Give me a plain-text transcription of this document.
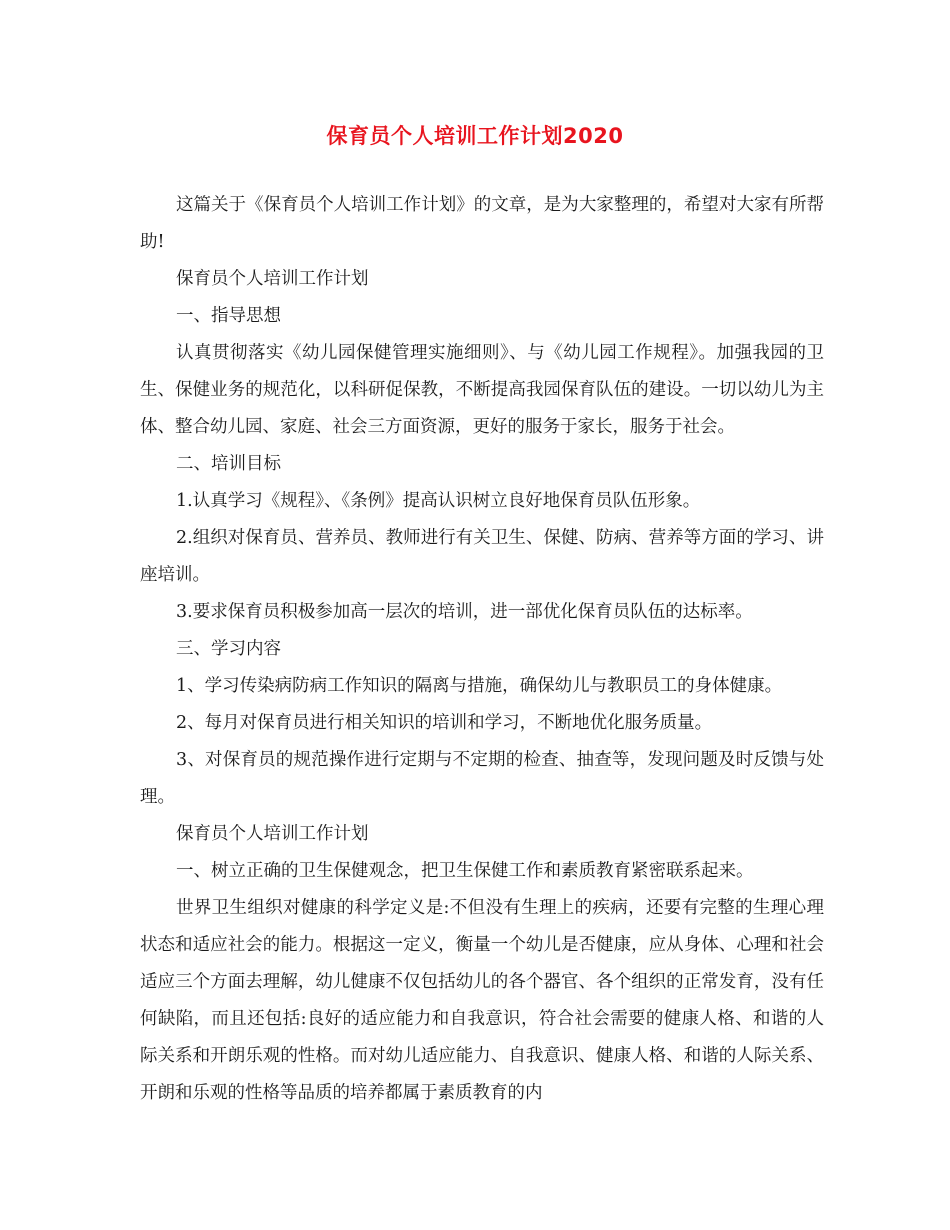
保育员个人培训工作计划2020

这篇关于《保育员个人培训工作计划》的文章，是为大家整理的，希望对大家有所帮助!

保育员个人培训工作计划

一、指导思想

认真贯彻落实《幼儿园保健管理实施细则》、与《幼儿园工作规程》。加强我园的卫生、保健业务的规范化，以科研促保教，不断提高我园保育队伍的建设。一切以幼儿为主体、整合幼儿园、家庭、社会三方面资源，更好的服务于家长，服务于社会。

二、培训目标

1.认真学习《规程》、《条例》提高认识树立良好地保育员队伍形象。

2.组织对保育员、营养员、教师进行有关卫生、保健、防病、营养等方面的学习、讲座培训。

3.要求保育员积极参加高一层次的培训，进一部优化保育员队伍的达标率。

三、学习内容

1、学习传染病防病工作知识的隔离与措施，确保幼儿与教职员工的身体健康。

2、每月对保育员进行相关知识的培训和学习，不断地优化服务质量。

3、对保育员的规范操作进行定期与不定期的检查、抽查等，发现问题及时反馈与处理。

保育员个人培训工作计划

一、树立正确的卫生保健观念，把卫生保健工作和素质教育紧密联系起来。

世界卫生组织对健康的科学定义是:不但没有生理上的疾病，还要有完整的生理心理状态和适应社会的能力。根据这一定义，衡量一个幼儿是否健康，应从身体、心理和社会适应三个方面去理解，幼儿健康不仅包括幼儿的各个器官、各个组织的正常发育，没有任何缺陷，而且还包括:良好的适应能力和自我意识，符合社会需要的健康人格、和谐的人际关系和开朗乐观的性格。而对幼儿适应能力、自我意识、健康人格、和谐的人际关系、开朗和乐观的性格等品质的培养都属于素质教育的内
